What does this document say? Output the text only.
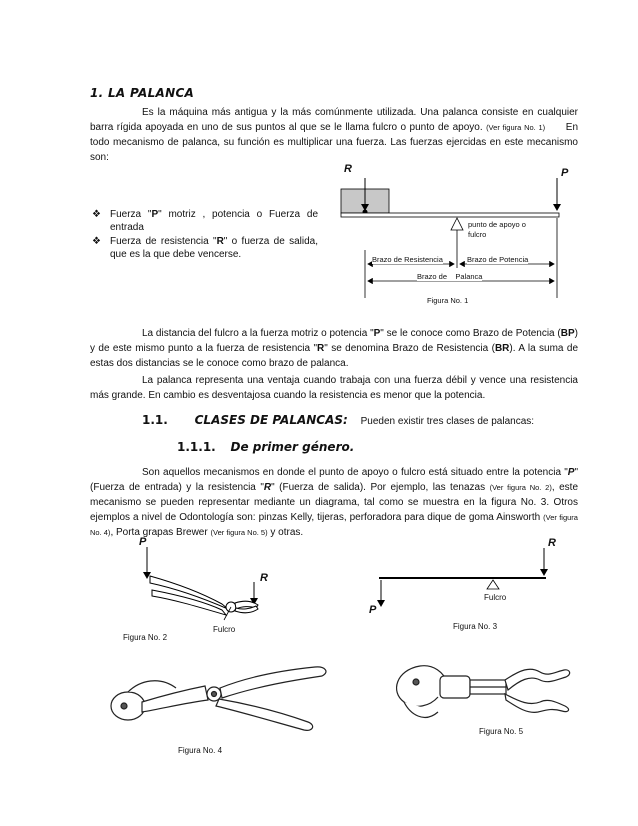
1. LA PALANCA
Es la máquina más antigua y la más comúnmente utilizada. Una palanca consiste en cualquier barra rígida apoyada en uno de sus puntos al que se le llama fulcro o punto de apoyo. (Ver figura No. 1) En todo mecanismo de palanca, su función es multiplicar una fuerza. Las fuerzas ejercidas en este mecanismo son:
❖ Fuerza "P" motriz , potencia o Fuerza de entrada
❖ Fuerza de resistencia "R" o fuerza de salida, que es la que debe vencerse.
R	P
punto de apoyo o fulcro
Brazo de Resistencia	Brazo de Potencia
Brazo de Palanca
Figura No. 1
La distancia del fulcro a la fuerza motriz o potencia "P" se le conoce como Brazo de Potencia (BP) y de este mismo punto a la fuerza de resistencia "R" se denomina Brazo de Resistencia (BR). A la suma de estas dos distancias se le conoce como brazo de palanca.
La palanca representa una ventaja cuando trabaja con una fuerza débil y vence una resistencia más grande. En cambio es desventajosa cuando la resistencia es menor que la potencia.
1.1. CLASES DE PALANCAS: Pueden existir tres clases de palancas:
1.1.1. De primer género.
Son aquellos mecanismos en donde el punto de apoyo o fulcro está situado entre la potencia "P" (Fuerza de entrada) y la resistencia "R" (Fuerza de salida). Por ejemplo, las tenazas (Ver figura No. 2), este mecanismo se pueden representar mediante un diagrama, tal como se muestra en la figura No. 3. Otros ejemplos a nivel de Odontología son: pinzas Kelly, tijeras, perforadora para dique de goma Ainsworth (Ver figura No. 4), Porta grapas Brewer (Ver figura No. 5) y otras.
P
R
Fulcro
Figura No. 2
R
P
Fulcro
Figura No. 3
Figura No. 4
Figura No. 5
